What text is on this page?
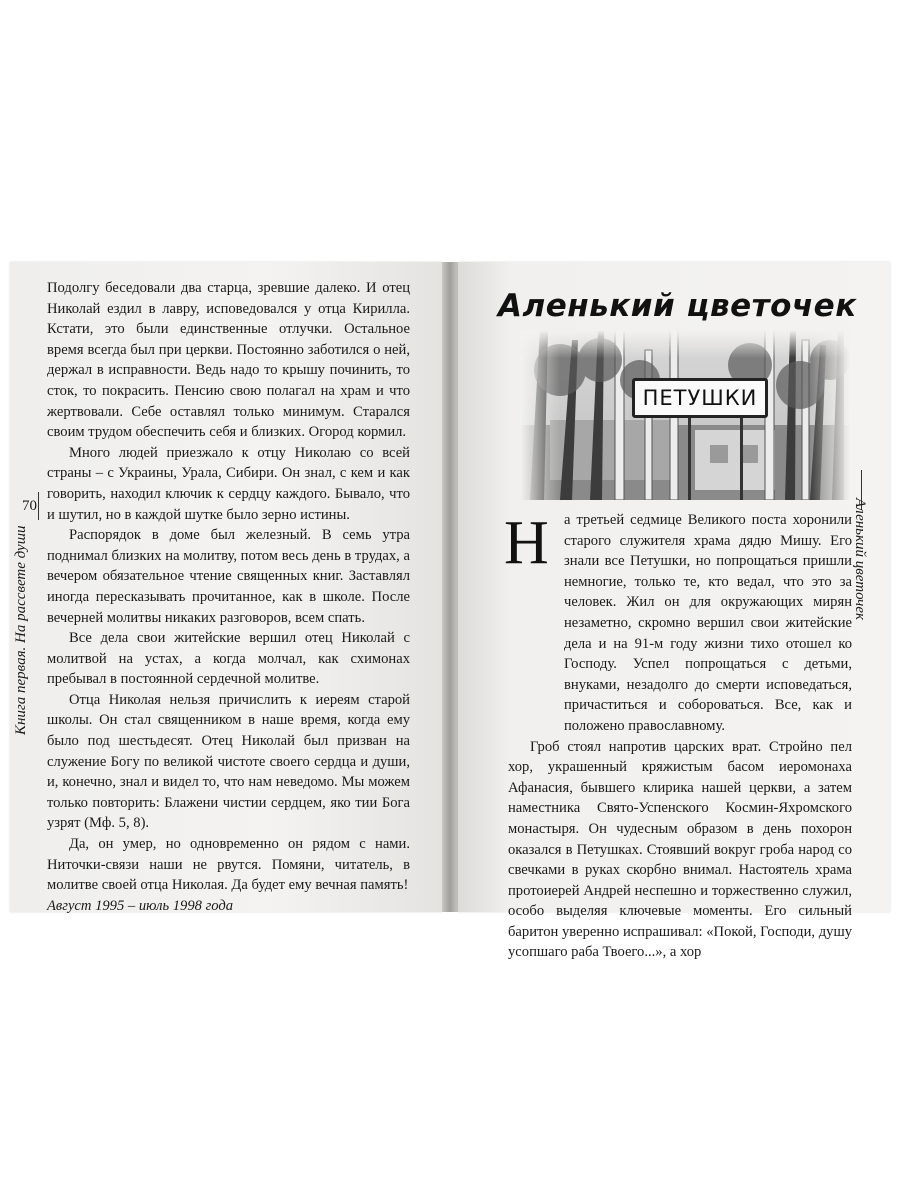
70
Книга первая. На рассвете души

Подолгу беседовали два старца, зревшие далеко. И отец Николай ездил в лавру, исповедовался у отца Кирилла. Кстати, это были единственные отлучки. Остальное время всегда был при церкви. Постоянно заботился о ней, держал в исправности. Ведь надо то крышу починить, то сток, то покрасить. Пенсию свою полагал на храм и что жертвовали. Себе оставлял только минимум. Старался своим трудом обеспечить себя и близких. Огород кормил.

Много людей приезжало к отцу Николаю со всей страны – с Украины, Урала, Сибири. Он знал, с кем и как говорить, находил ключик к сердцу каждого. Бывало, что и шутил, но в каждой шутке было зерно истины.

Распорядок в доме был железный. В семь утра поднимал близких на молитву, потом весь день в трудах, а вечером обязательное чтение священных книг. Заставлял иногда пересказывать прочитанное, как в школе. После вечерней молитвы никаких разговоров, всем спать.

Все дела свои житейские вершил отец Николай с молитвой на устах, а когда молчал, как схимонах пребывал в постоянной сердечной молитве.

Отца Николая нельзя причислить к иереям старой школы. Он стал священником в наше время, когда ему было под шестьдесят. Отец Николай был призван на служение Богу по великой чистоте своего сердца и души, и, конечно, знал и видел то, что нам неведомо. Мы можем только повторить: Блажени чистии сердцем, яко тии Бога узрят (Мф. 5, 8).

Да, он умер, но одновременно он рядом с нами. Ниточки-связи наши не рвутся. Помяни, читатель, в молитве своей отца Николая. Да будет ему вечная память!

Август 1995 – июль 1998 года

Аленький цветочек
ПЕТУШКИ
Аленький цветочек
Н	а третьей седмице Великого поста хоронили старого служителя храма дядю Мишу. Его знали все Петушки, но попрощаться пришли немногие, только те, кто ведал, что это за человек. Жил он для окружающих мирян незаметно, скромно вершил свои житейские дела и на 91-м году жизни тихо отошел ко Господу. Успел попрощаться с детьми, внуками, незадолго до смерти исповедаться, причаститься и собороваться. Все, как и положено православному.

Гроб стоял напротив царских врат. Стройно пел хор, украшенный кряжистым басом иеромонаха Афанасия, бывшего клирика нашей церкви, а затем наместника Свято-Успенского Космин-Яхромского монастыря. Он чудесным образом в день похорон оказался в Петушках. Стоявший вокруг гроба народ со свечками в руках скорбно внимал. Настоятель храма протоиерей Андрей неспешно и торжественно служил, особо выделяя ключевые моменты. Его сильный баритон уверенно испрашивал: «Покой, Господи, душу усопшаго раба Твоего...», а хор
